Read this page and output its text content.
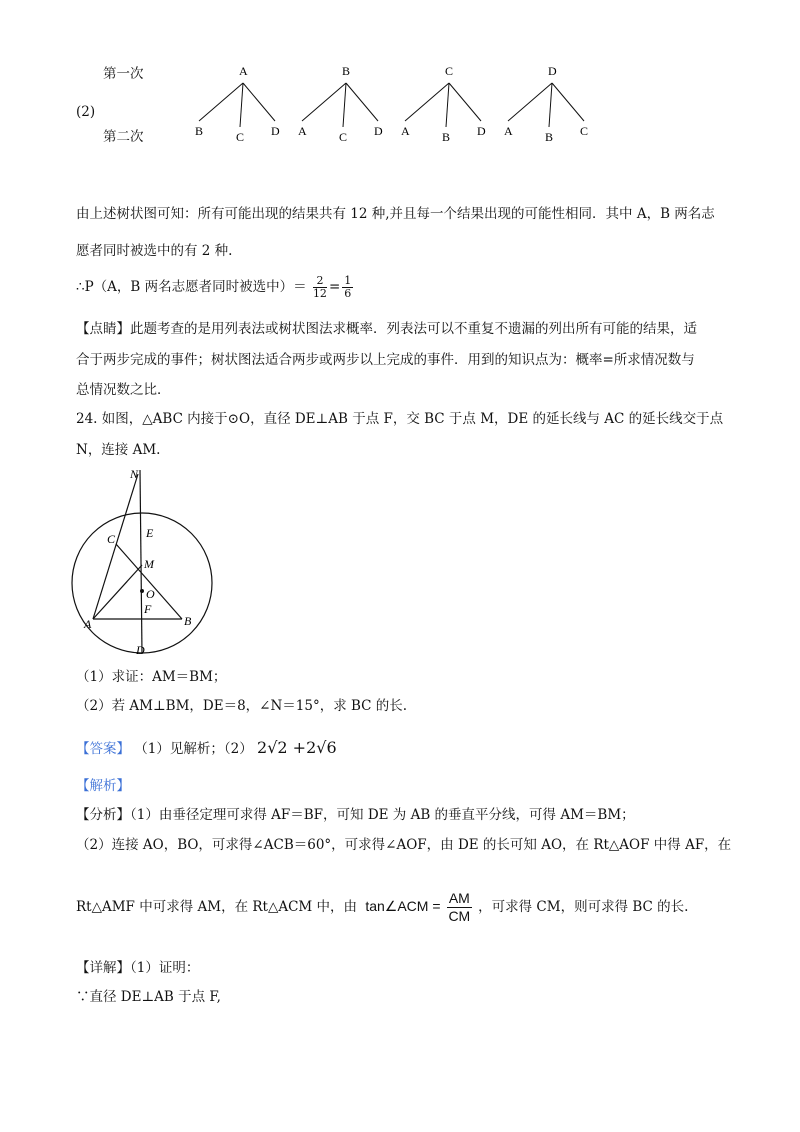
第一次
(2)
第二次
A
B	C D
B
A	C D
C
A	B D
D
A	B C
由上述树状图可知：所有可能出现的结果共有 12 种,并且每一个结果出现的可能性相同．其中 A，B 两名志
愿者同时被选中的有 2 种.
∴P（A，B 两名志愿者同时被选中）＝ $\frac{2}{12} = \frac{1}{6}$
【点睛】此题考查的是用列表法或树状图法求概率．列表法可以不重复不遗漏的列出所有可能的结果，适
合于两步完成的事件；树状图法适合两步或两步以上完成的事件．用到的知识点为：概率=所求情况数与
总情况数之比．
24. 如图，△ABC 内接于⊙O，直径 DE⊥AB 于点 F，交 BC 于点 M，DE 的延长线与 AC 的延长线交于点
N，连接 AM.
N
C	E
M
O
F
A	B
D
（1）求证：AM＝BM；
（2）若 AM⊥BM，DE＝8，∠N＝15°，求 BC 的长.
【答案】 （1）见解析；（2） 2√2 +2√6
【解析】
【分析】（1）由垂径定理可求得 AF＝BF，可知 DE 为 AB 的垂直平分线，可得 AM＝BM；
（2）连接 AO，BO，可求得∠ACB＝60°，可求得∠AOF，由 DE 的长可知 AO，在 Rt△AOF 中得 AF，在
Rt△AMF 中可求得 AM，在 Rt△ACM 中，由 tan∠ACM = $\frac{AM}{CM}$ ，可求得 CM，则可求得 BC 的长.
【详解】（1）证明：
∵直径 DE⊥AB 于点 F,
